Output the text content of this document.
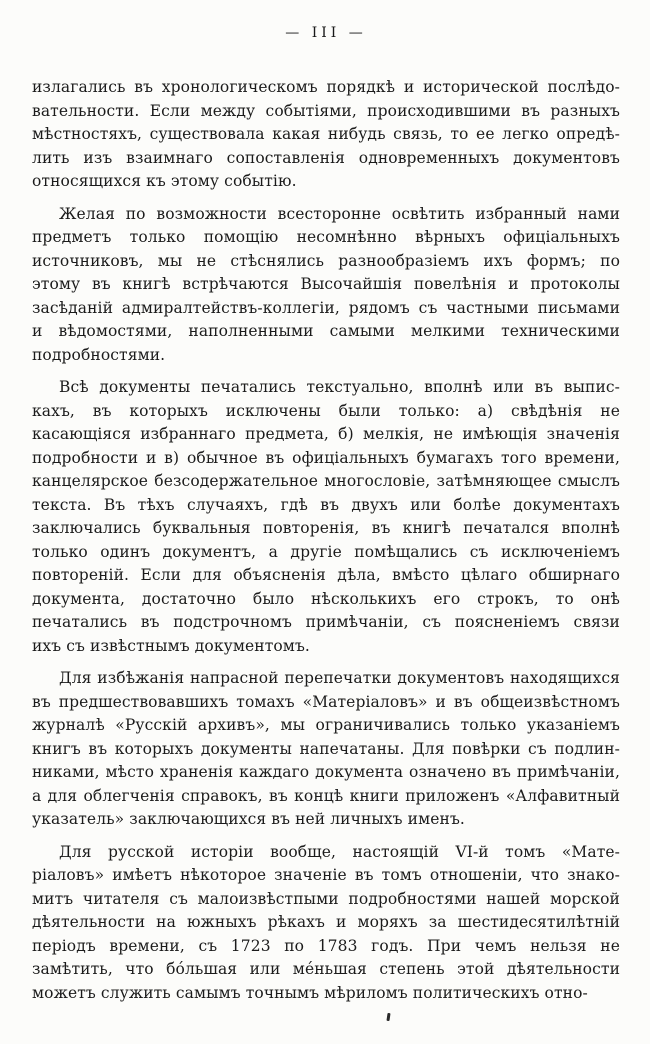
— III —
излагались въ хронологическомъ порядкѣ и исторической послѣдо-
вательности. Если между событіями, происходившими въ разныхъ
мѣстностяхъ, существовала какая нибудь связь, то ее легко опредѣ-
лить изъ взаимнаго сопоставленія одновременныхъ документовъ
относящихся къ этому событію.
Желая по возможности всесторонне освѣтить избранный нами
предметъ только помощію несомнѣнно вѣрныхъ офиціальныхъ
источниковъ, мы не стѣснялись разнообразіемъ ихъ формъ; по
этому въ книгѣ встрѣчаются Высочайшія повелѣнія и протоколы
засѣданій адмиралтействъ-коллегіи, рядомъ съ частными письмами
и вѣдомостями, наполненными самыми мелкими техническими
подробностями.
Всѣ документы печатались текстуально, вполнѣ или въ выпис-
кахъ, въ которыхъ исключены были только: а) свѣдѣнія не
касающіяся избраннаго предмета, б) мелкія, не имѣющія значенія
подробности и в) обычное въ офиціальныхъ бумагахъ того времени,
канцелярское безсодержательное многословіе, затѣмняющее смыслъ
текста. Въ тѣхъ случаяхъ, гдѣ въ двухъ или болѣе документахъ
заключались буквальныя повторенія, въ книгѣ печатался вполнѣ
только одинъ документъ, а другіе помѣщались съ исключеніемъ
повтореній. Если для объясненія дѣла, вмѣсто цѣлаго обширнаго
документа, достаточно было нѣсколькихъ его строкъ, то онѣ
печатались въ подстрочномъ примѣчаніи, съ поясненіемъ связи
ихъ съ извѣстнымъ документомъ.
Для избѣжанія напрасной перепечатки документовъ находящихся
въ предшествовавшихъ томахъ «Матеріаловъ» и въ общеизвѣстномъ
журналѣ «Русскій архивъ», мы ограничивались только указаніемъ
книгъ въ которыхъ документы напечатаны. Для повѣрки съ подлин-
никами, мѣсто храненія каждаго документа означено въ примѣчаніи,
а для облегченія справокъ, въ концѣ книги приложенъ «Алфавитный
указатель» заключающихся въ ней личныхъ именъ.
Для русской исторіи вообще, настоящій VI-й томъ «Мате-
ріаловъ» имѣетъ нѣкоторое значеніе въ томъ отношеніи, что знако-
митъ читателя съ малоизвѣстпыми подробностями нашей морской
дѣятельности на южныхъ рѣкахъ и моряхъ за шестидесятилѣтній
періодъ времени, съ 1723 по 1783 годъ. При чемъ нельзя не
замѣтить, что бо́льшая или ме́ньшая степень этой дѣятельности
можетъ служить самымъ точнымъ мѣриломъ политическихъ отно-
